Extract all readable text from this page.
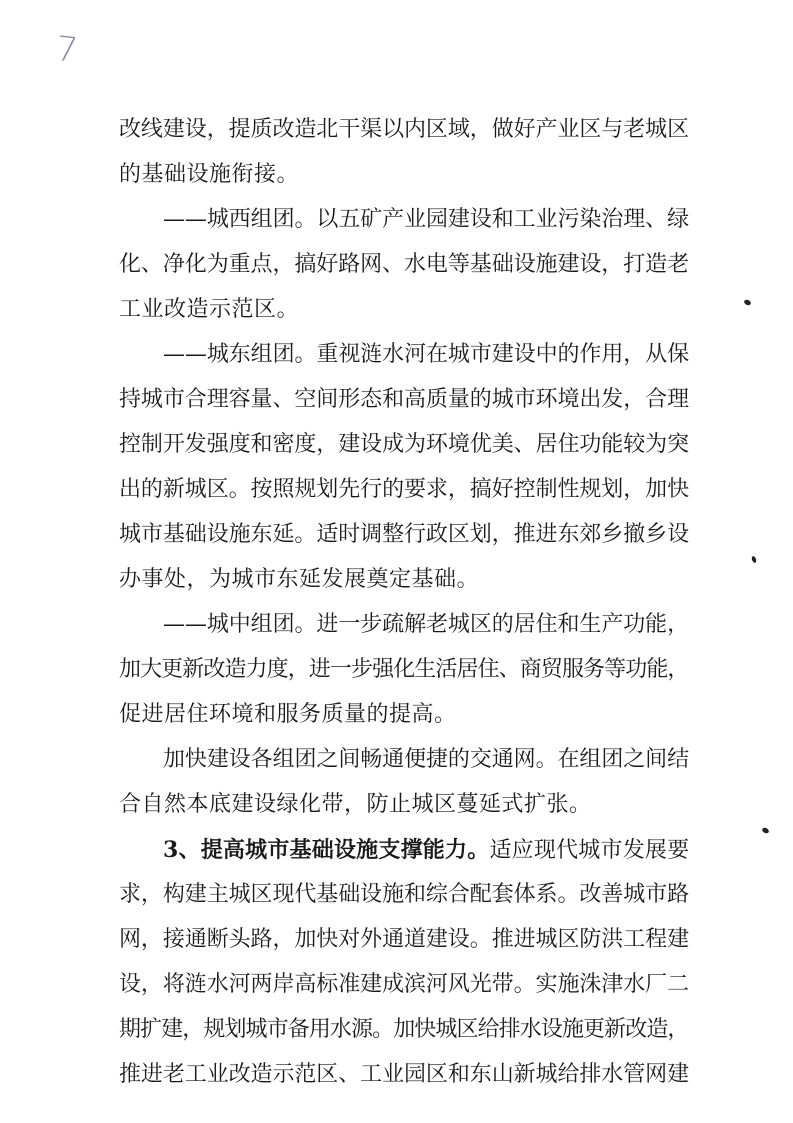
7
改线建设，提质改造北干渠以内区域，做好产业区与老城区
的基础设施衔接。
——城西组团。以五矿产业园建设和工业污染治理、绿
化、净化为重点，搞好路网、水电等基础设施建设，打造老
工业改造示范区。
——城东组团。重视涟水河在城市建设中的作用，从保
持城市合理容量、空间形态和高质量的城市环境出发，合理
控制开发强度和密度，建设成为环境优美、居住功能较为突
出的新城区。按照规划先行的要求，搞好控制性规划，加快
城市基础设施东延。适时调整行政区划，推进东郊乡撤乡设
办事处，为城市东延发展奠定基础。
——城中组团。进一步疏解老城区的居住和生产功能，
加大更新改造力度，进一步强化生活居住、商贸服务等功能，
促进居住环境和服务质量的提高。
加快建设各组团之间畅通便捷的交通网。在组团之间结
合自然本底建设绿化带，防止城区蔓延式扩张。
3、提高城市基础设施支撑能力。适应现代城市发展要
求，构建主城区现代基础设施和综合配套体系。改善城市路
网，接通断头路，加快对外通道建设。推进城区防洪工程建
设，将涟水河两岸高标准建成滨河风光带。实施洙津水厂二
期扩建，规划城市备用水源。加快城区给排水设施更新改造，
推进老工业改造示范区、工业园区和东山新城给排水管网建
